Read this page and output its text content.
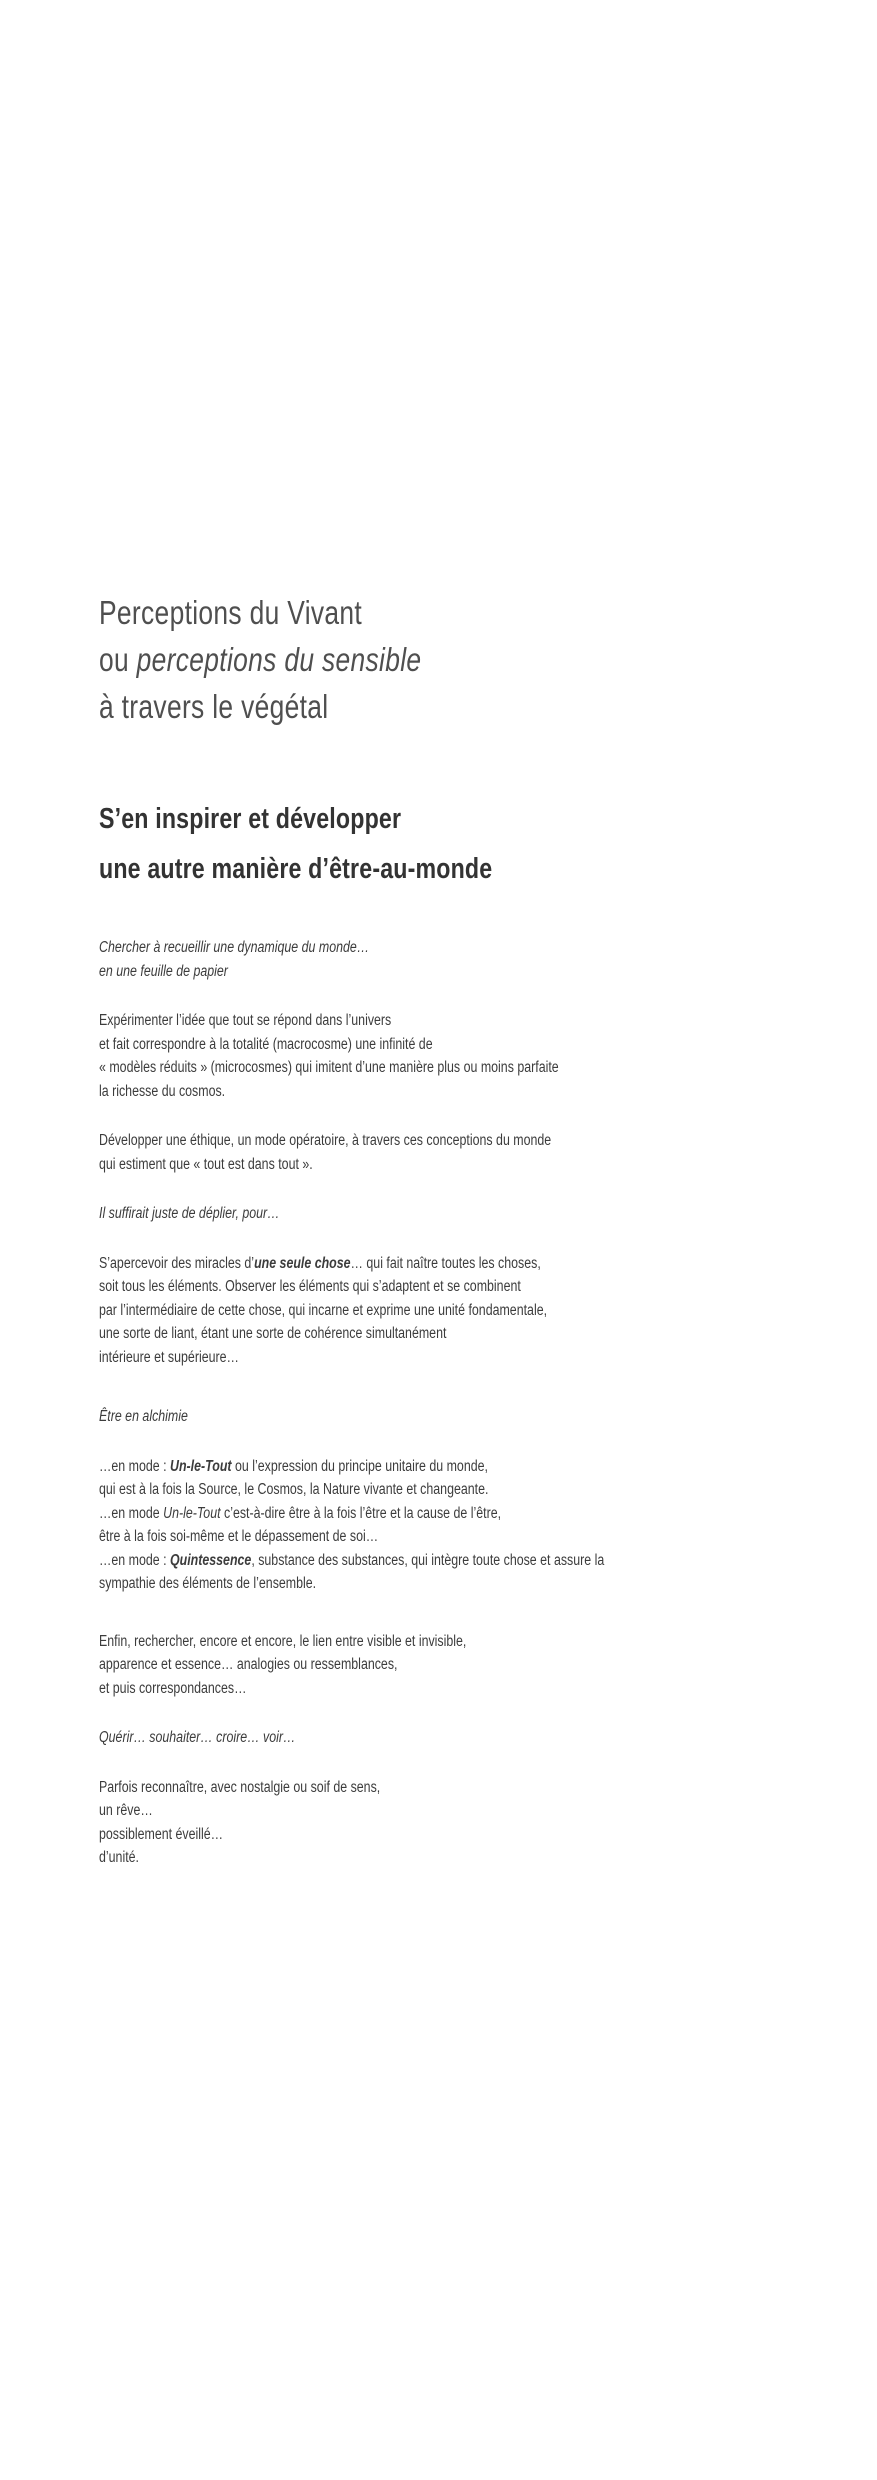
Perceptions du Vivant
ou perceptions du sensible
à travers le végétal
S’en inspirer et développer
une autre manière d’être-au-monde

Chercher à recueillir une dynamique du monde…
en une feuille de papier

Expérimenter l’idée que tout se répond dans l’univers
et fait correspondre à la totalité (macrocosme) une infinité de
« modèles réduits » (microcosmes) qui imitent d’une manière plus ou moins parfaite
la richesse du cosmos.

Développer une éthique, un mode opératoire, à travers ces conceptions du monde
qui estiment que « tout est dans tout ».

Il suffirait juste de déplier, pour…

S’apercevoir des miracles d’une seule chose… qui fait naître toutes les choses,
soit tous les éléments. Observer les éléments qui s’adaptent et se combinent
par l’intermédiaire de cette chose, qui incarne et exprime une unité fondamentale,
une sorte de liant, étant une sorte de cohérence simultanément
intérieure et supérieure…

Être en alchimie

…en mode : Un-le-Tout ou l’expression du principe unitaire du monde,
qui est à la fois la Source, le Cosmos, la Nature vivante et changeante.
…en mode Un-le-Tout c’est-à-dire être à la fois l’être et la cause de l’être,
être à la fois soi-même et le dépassement de soi…
…en mode : Quintessence, substance des substances, qui intègre toute chose et assure la
sympathie des éléments de l’ensemble.

Enfin, rechercher, encore et encore, le lien entre visible et invisible,
apparence et essence… analogies ou ressemblances,
et puis correspondances…

Quérir… souhaiter… croire… voir…

Parfois reconnaître, avec nostalgie ou soif de sens,
un rêve…
possiblement éveillé…
d’unité.
